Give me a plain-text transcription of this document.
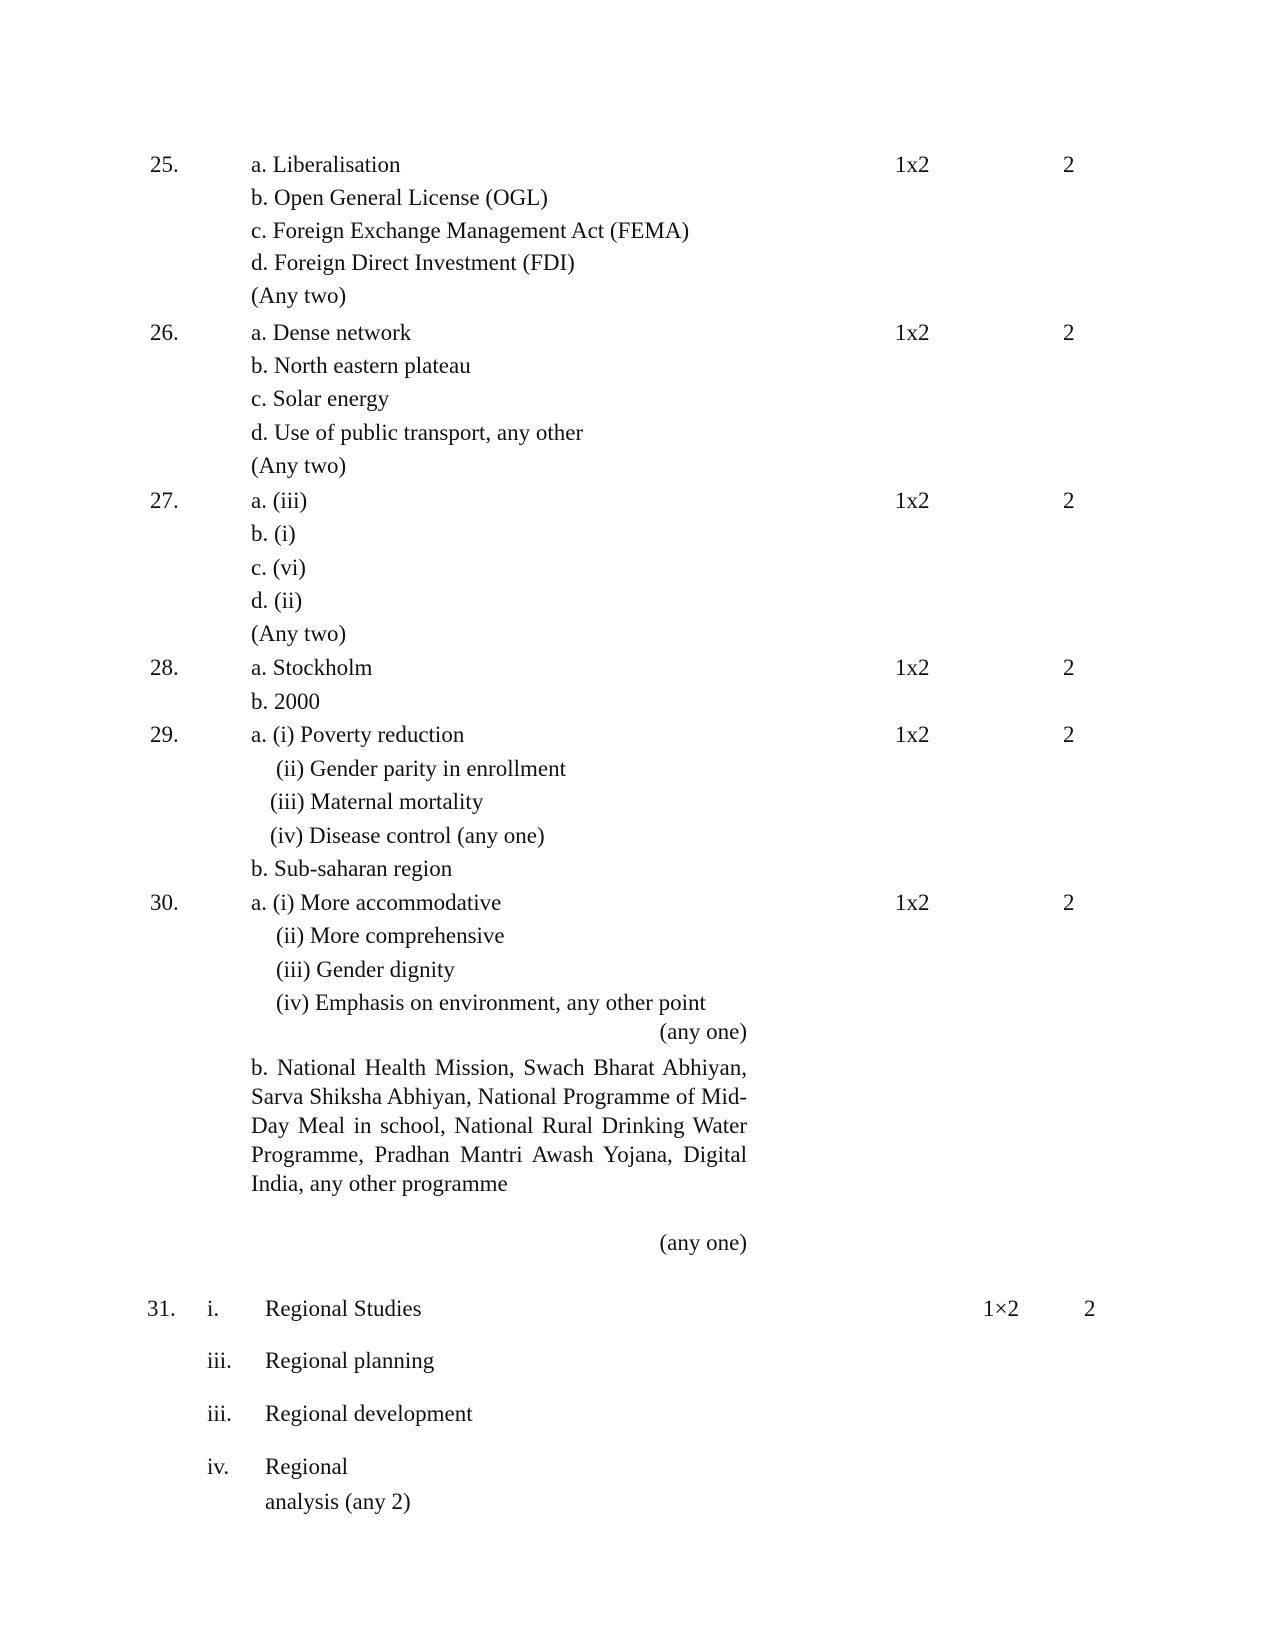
25.	a. Liberalisation
b. Open General License (OGL)
c. Foreign Exchange Management Act (FEMA)
d. Foreign Direct Investment (FDI)
(Any two)
1x2	2
26.	a. Dense network
b. North eastern plateau
c. Solar energy
d. Use of public transport, any other
(Any two)
1x2	2
27.	a. (iii)
b. (i)
c. (vi)
d. (ii)
(Any two)
1x2	2
28.	a. Stockholm
b. 2000
1x2	2
29.	a. (i) Poverty reduction
(ii) Gender parity in enrollment
(iii) Maternal mortality
(iv) Disease control (any one)
b. Sub-saharan region
1x2	2
30.	a. (i) More accommodative
(ii) More comprehensive
(iii) Gender dignity
(iv) Emphasis on environment, any other point
(any one)
b. National Health Mission, Swach Bharat Abhiyan, Sarva Shiksha Abhiyan, National Programme of Mid-Day Meal in school, National Rural Drinking Water Programme, Pradhan Mantri Awash Yojana, Digital India, any other programme
(any one)
1x2	2
31. i. Regional Studies
iii. Regional planning
iii. Regional development
iv. Regional
analysis (any 2)
1×2	2
